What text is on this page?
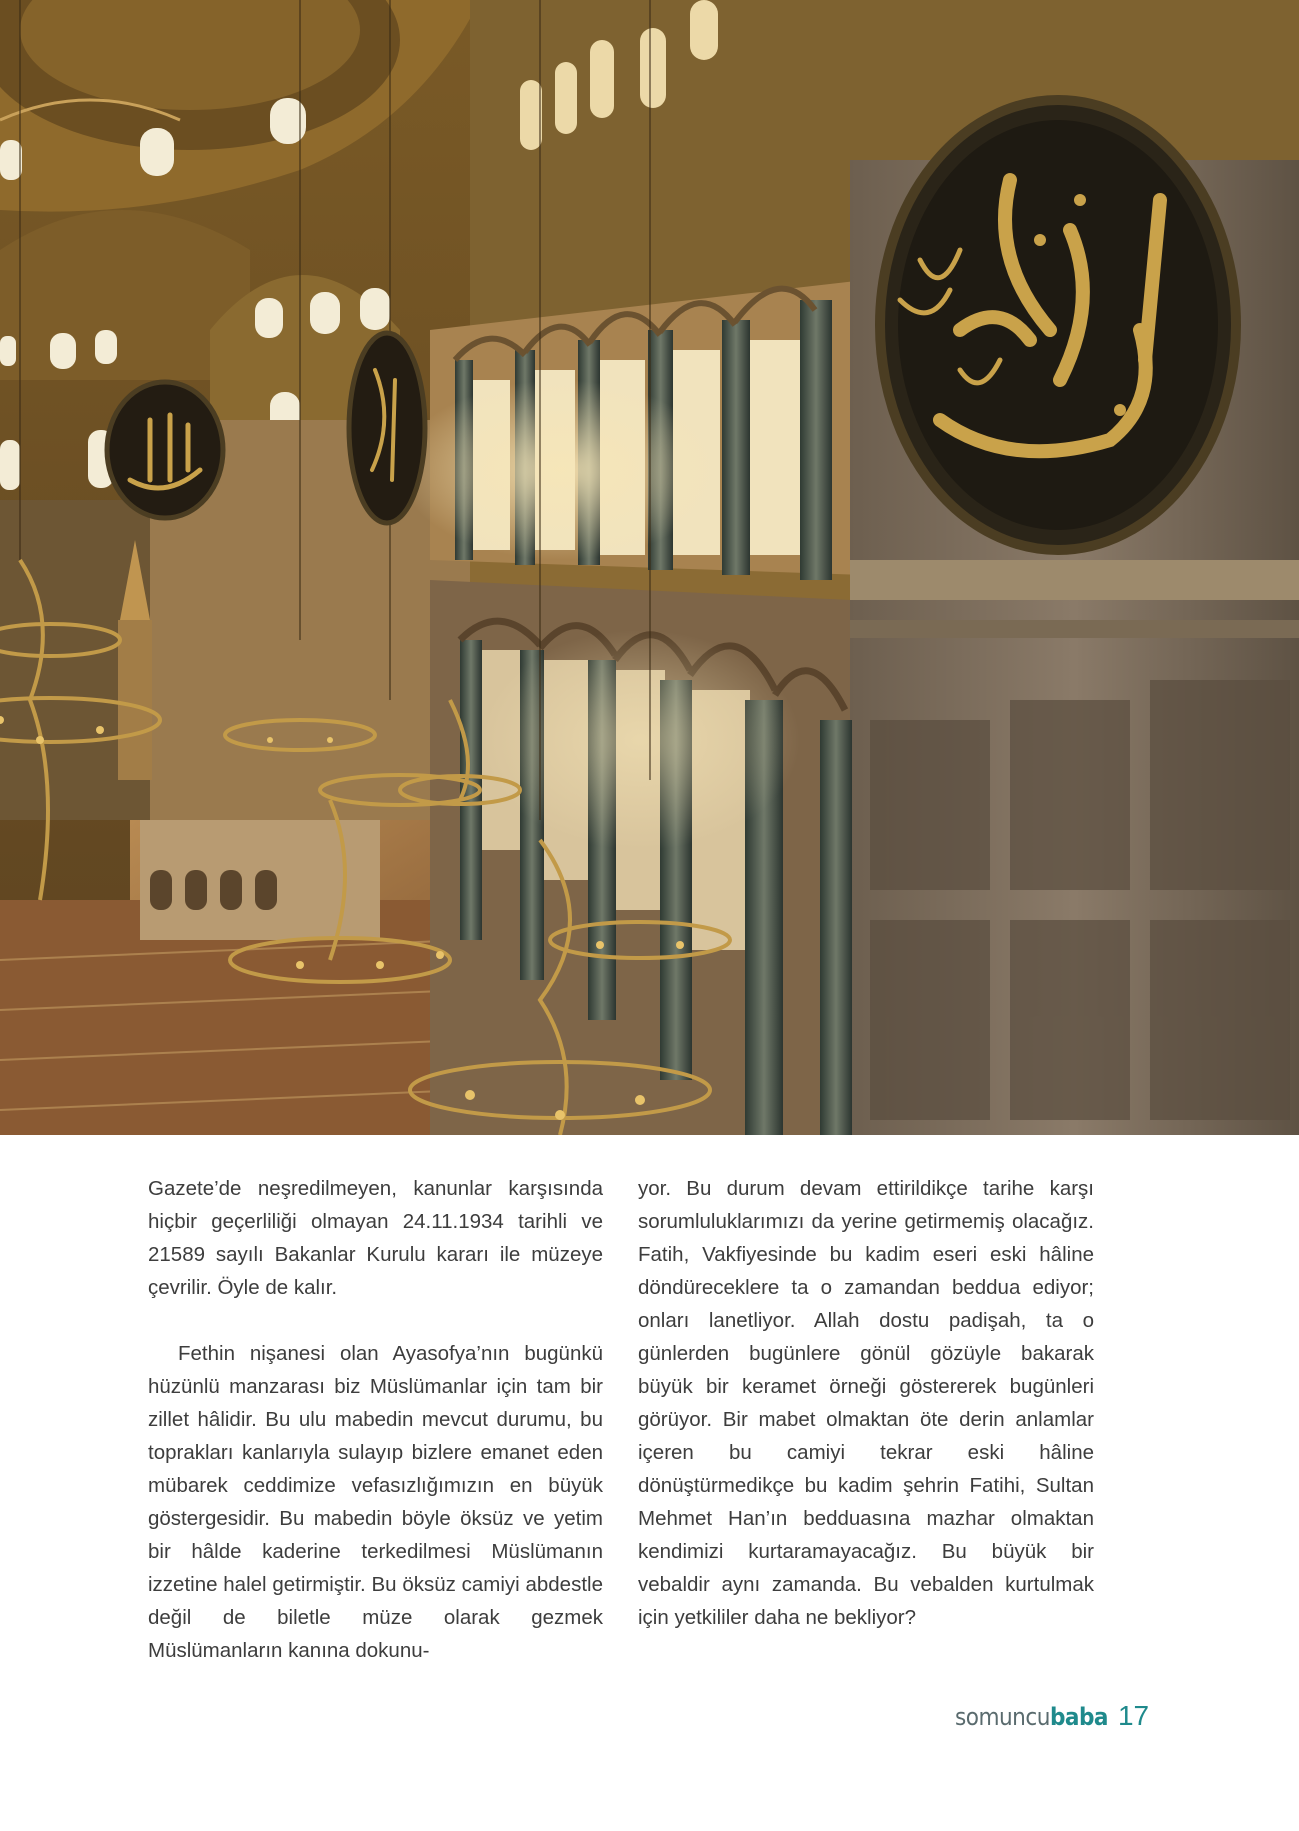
Gazete’de neşredilmeyen, kanunlar karşısında hiçbir geçerliliği olmayan 24.11.1934 tarihli ve 21589 sayılı Bakanlar Kurulu kararı ile müzeye çevrilir. Öyle de kalır.

Fethin nişanesi olan Ayasofya’nın bugünkü hüzünlü manzarası biz Müslümanlar için tam bir zillet hâlidir. Bu ulu mabedin mevcut durumu, bu toprakları kanlarıyla sulayıp bizlere emanet eden mübarek ceddimize vefasızlığımızın en büyük göstergesidir. Bu mabedin böyle öksüz ve yetim bir hâlde kaderine terkedilmesi Müslümanın izzetine halel getirmiştir. Bu öksüz camiyi abdestle değil de biletle müze olarak gezmek Müslümanların kanına dokunu-

yor. Bu durum devam ettirildikçe tarihe karşı sorumluluklarımızı da yerine getirmemiş olacağız. Fatih, Vakfiyesinde bu kadim eseri eski hâline döndüreceklere ta o zamandan beddua ediyor; onları lanetliyor. Allah dostu padişah, ta o günlerden bugünlere gönül gözüyle bakarak büyük bir keramet örneği göstererek bugünleri görüyor. Bir mabet olmaktan öte derin anlamlar içeren bu camiyi tekrar eski hâline dönüştürmedikçe bu kadim şehrin Fatihi, Sultan Mehmet Han’ın bedduasına mazhar olmaktan kendimizi kurtaramayacağız. Bu büyük bir vebaldir aynı zamanda. Bu vebalden kurtulmak için yetkililer daha ne bekliyor?

somuncubaba 17
